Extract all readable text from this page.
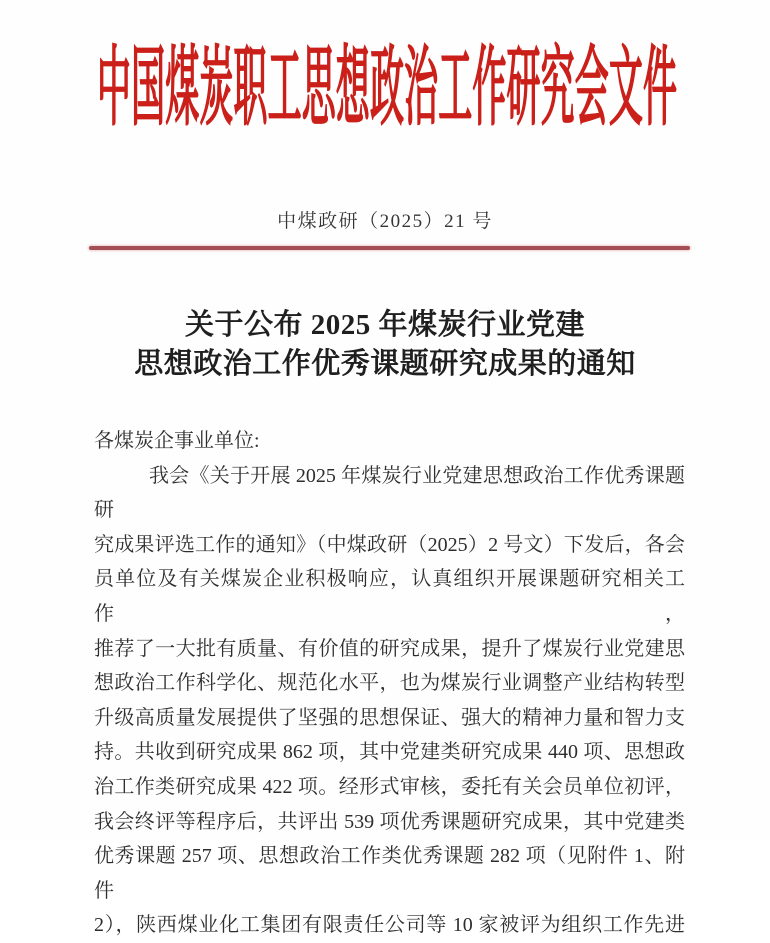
中国煤炭职工思想政治工作研究会文件
中煤政研（2025）21 号
关于公布 2025 年煤炭行业党建
思想政治工作优秀课题研究成果的通知
各煤炭企事业单位:
我会《关于开展 2025 年煤炭行业党建思想政治工作优秀课题研
究成果评选工作的通知》（中煤政研（2025）2 号文）下发后，各会
员单位及有关煤炭企业积极响应，认真组织开展课题研究相关工作，
推荐了一大批有质量、有价值的研究成果，提升了煤炭行业党建思
想政治工作科学化、规范化水平，也为煤炭行业调整产业结构转型
升级高质量发展提供了坚强的思想保证、强大的精神力量和智力支
持。共收到研究成果 862 项，其中党建类研究成果 440 项、思想政
治工作类研究成果 422 项。经形式审核，委托有关会员单位初评，
我会终评等程序后，共评出 539 项优秀课题研究成果，其中党建类
优秀课题 257 项、思想政治工作类优秀课题 282 项（见附件 1、附件
2），陕西煤业化工集团有限责任公司等 10 家被评为组织工作先进
